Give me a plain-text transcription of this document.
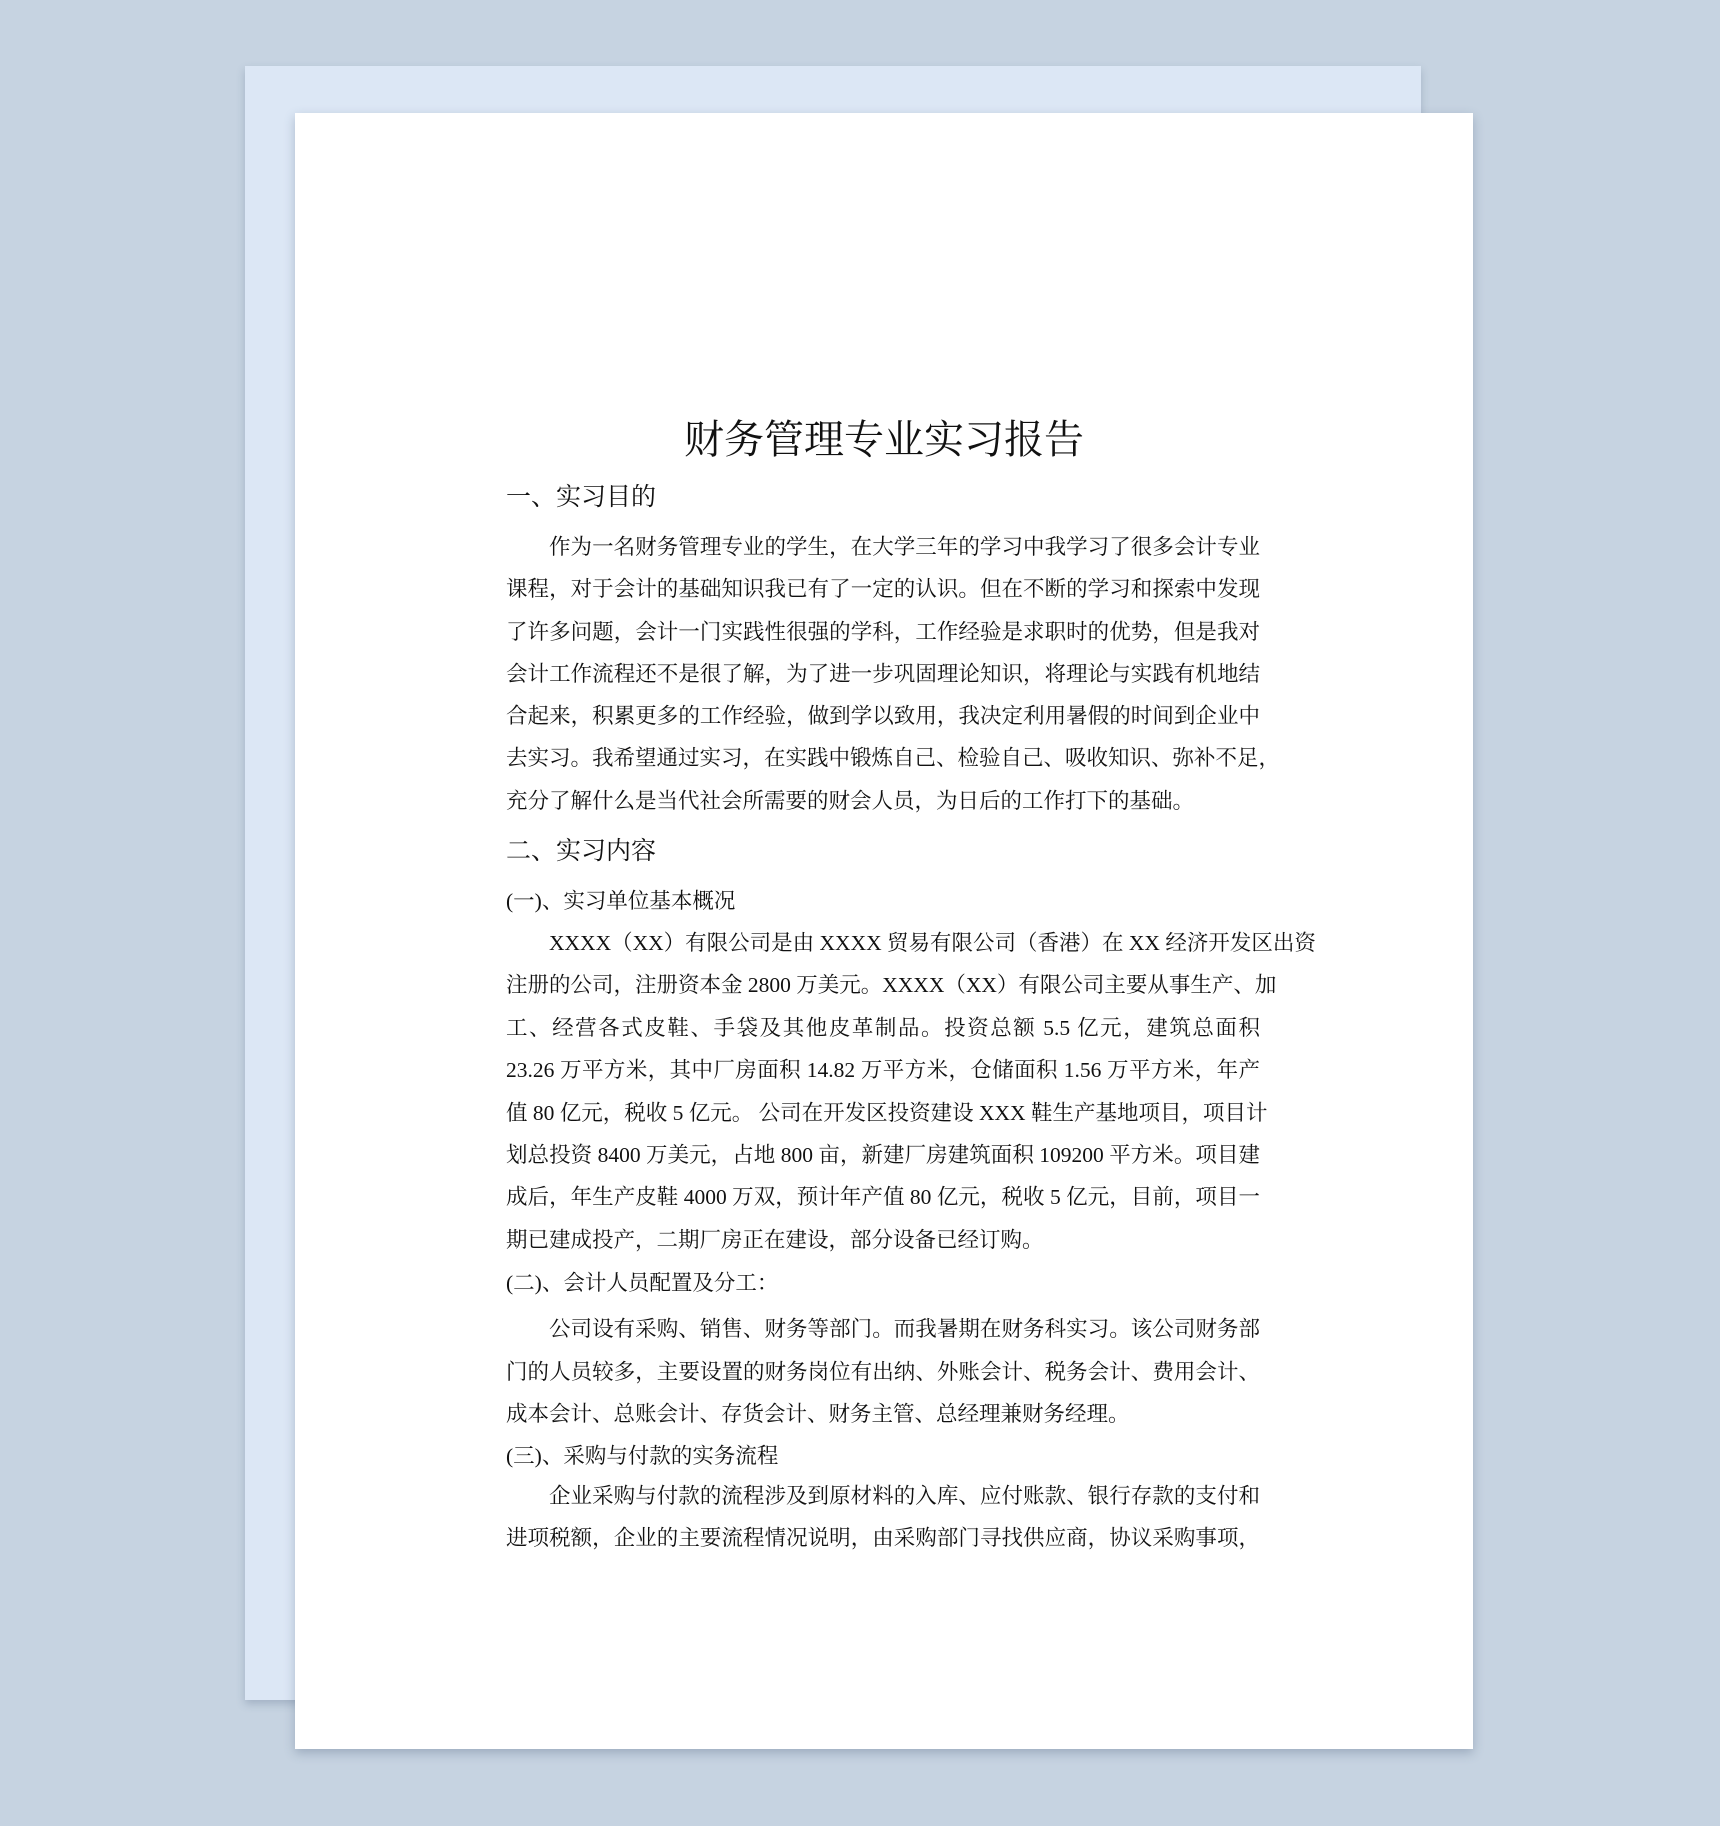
财务管理专业实习报告
一、实习目的
作为一名财务管理专业的学生，在大学三年的学习中我学习了很多会计专业
课程，对于会计的基础知识我已有了一定的认识。但在不断的学习和探索中发现
了许多问题，会计一门实践性很强的学科，工作经验是求职时的优势，但是我对
会计工作流程还不是很了解，为了进一步巩固理论知识，将理论与实践有机地结
合起来，积累更多的工作经验，做到学以致用，我决定利用暑假的时间到企业中
去实习。我希望通过实习，在实践中锻炼自己、检验自己、吸收知识、弥补不足，
充分了解什么是当代社会所需要的财会人员，为日后的工作打下的基础。
二、实习内容
(一)、实习单位基本概况
XXXX（XX）有限公司是由 XXXX 贸易有限公司（香港）在 XX 经济开发区出资
注册的公司，注册资本金 2800 万美元。XXXX（XX）有限公司主要从事生产、加
工、经营各式皮鞋、手袋及其他皮革制品。投资总额 5.5 亿元，建筑总面积
23.26 万平方米，其中厂房面积 14.82 万平方米，仓储面积 1.56 万平方米，年产
值 80 亿元，税收 5 亿元。 公司在开发区投资建设 XXX 鞋生产基地项目，项目计
划总投资 8400 万美元，占地 800 亩，新建厂房建筑面积 109200 平方米。项目建
成后，年生产皮鞋 4000 万双，预计年产值 80 亿元，税收 5 亿元，目前，项目一
期已建成投产，二期厂房正在建设，部分设备已经订购。
(二)、会计人员配置及分工：
公司设有采购、销售、财务等部门。而我暑期在财务科实习。该公司财务部
门的人员较多，主要设置的财务岗位有出纳、外账会计、税务会计、费用会计、
成本会计、总账会计、存货会计、财务主管、总经理兼财务经理。
(三)、采购与付款的实务流程
企业采购与付款的流程涉及到原材料的入库、应付账款、银行存款的支付和
进项税额，企业的主要流程情况说明，由采购部门寻找供应商，协议采购事项，
